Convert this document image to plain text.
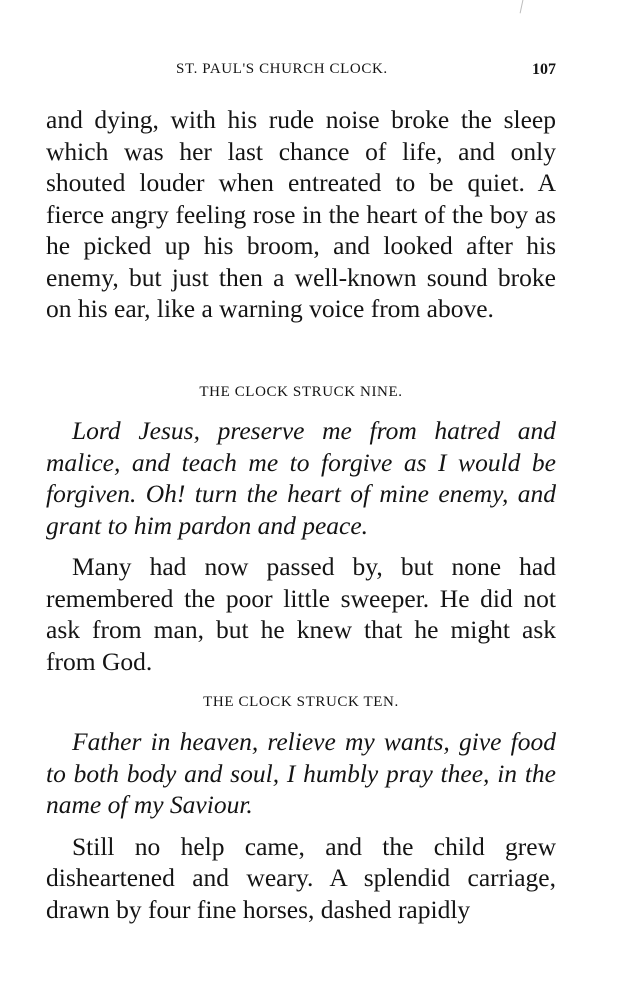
ST. PAUL'S CHURCH CLOCK.	107

and dying, with his rude noise broke the sleep which was her last chance of life, and only shouted louder when entreated to be quiet. A fierce angry feeling rose in the heart of the boy as he picked up his broom, and looked after his enemy, but just then a well-known sound broke on his ear, like a warning voice from above.

THE CLOCK STRUCK NINE.

Lord Jesus, preserve me from hatred and malice, and teach me to forgive as I would be forgiven. Oh! turn the heart of mine enemy, and grant to him pardon and peace.

Many had now passed by, but none had remembered the poor little sweeper. He did not ask from man, but he knew that he might ask from God.

THE CLOCK STRUCK TEN.

Father in heaven, relieve my wants, give food to both body and soul, I humbly pray thee, in the name of my Saviour.

Still no help came, and the child grew disheartened and weary. A splendid carriage, drawn by four fine horses, dashed rapidly
